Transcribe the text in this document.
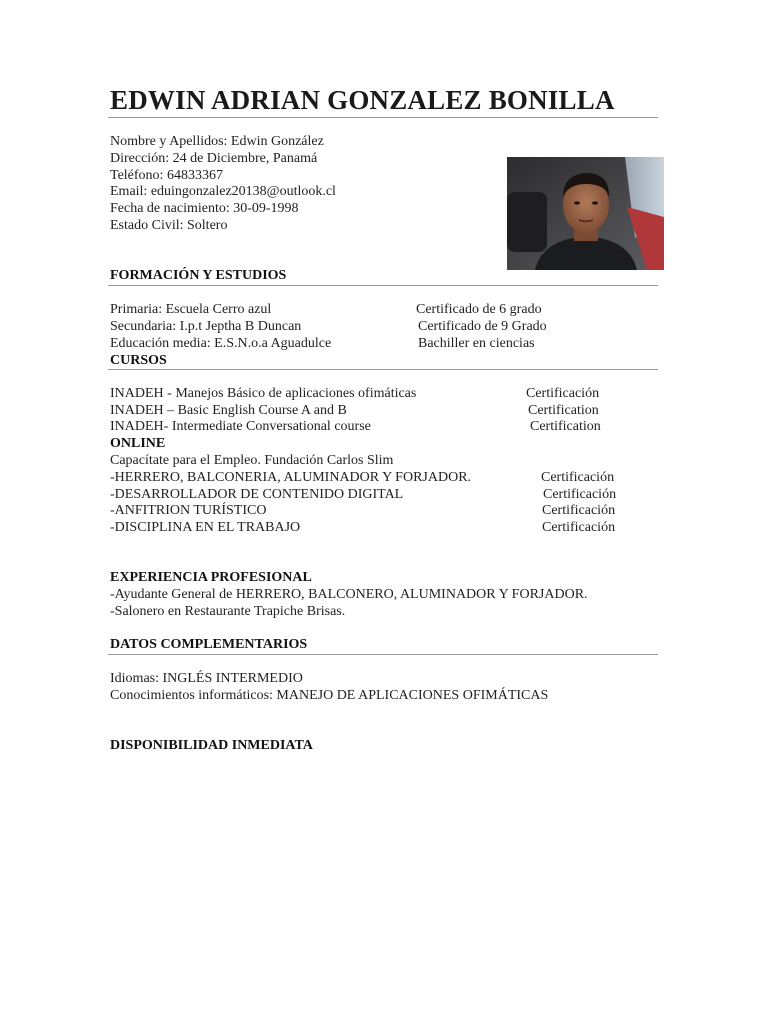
EDWIN ADRIAN GONZALEZ BONILLA
Nombre y Apellidos: Edwin González
Dirección: 24 de Diciembre, Panamá
Teléfono: 64833367
Email: eduingonzalez20138@outlook.cl
Fecha de nacimiento: 30-09-1998
Estado Civil: Soltero
FORMACIÓN Y ESTUDIOS
Primaria: Escuela Cerro azul	Certificado de 6 grado
Secundaria: I.p.t Jeptha B Duncan	Certificado de 9 Grado
Educación media: E.S.N.o.a Aguadulce	Bachiller en ciencias
CURSOS
INADEH - Manejos Básico de aplicaciones ofimáticas	Certificación
INADEH – Basic English Course A and B	Certification
INADEH- Intermediate Conversational course	Certification
ONLINE
Capacítate para el Empleo. Fundación Carlos Slim
-HERRERO, BALCONERIA, ALUMINADOR Y FORJADOR.	Certificación
-DESARROLLADOR DE CONTENIDO DIGITAL	Certificación
-ANFITRION TURÍSTICO	Certificación
-DISCIPLINA EN EL TRABAJO	Certificación
EXPERIENCIA PROFESIONAL
-Ayudante General de HERRERO, BALCONERO, ALUMINADOR Y FORJADOR.
-Salonero en Restaurante Trapiche Brisas.
DATOS COMPLEMENTARIOS
Idiomas: INGLÉS INTERMEDIO
Conocimientos informáticos: MANEJO DE APLICACIONES OFIMÁTICAS
DISPONIBILIDAD INMEDIATA
